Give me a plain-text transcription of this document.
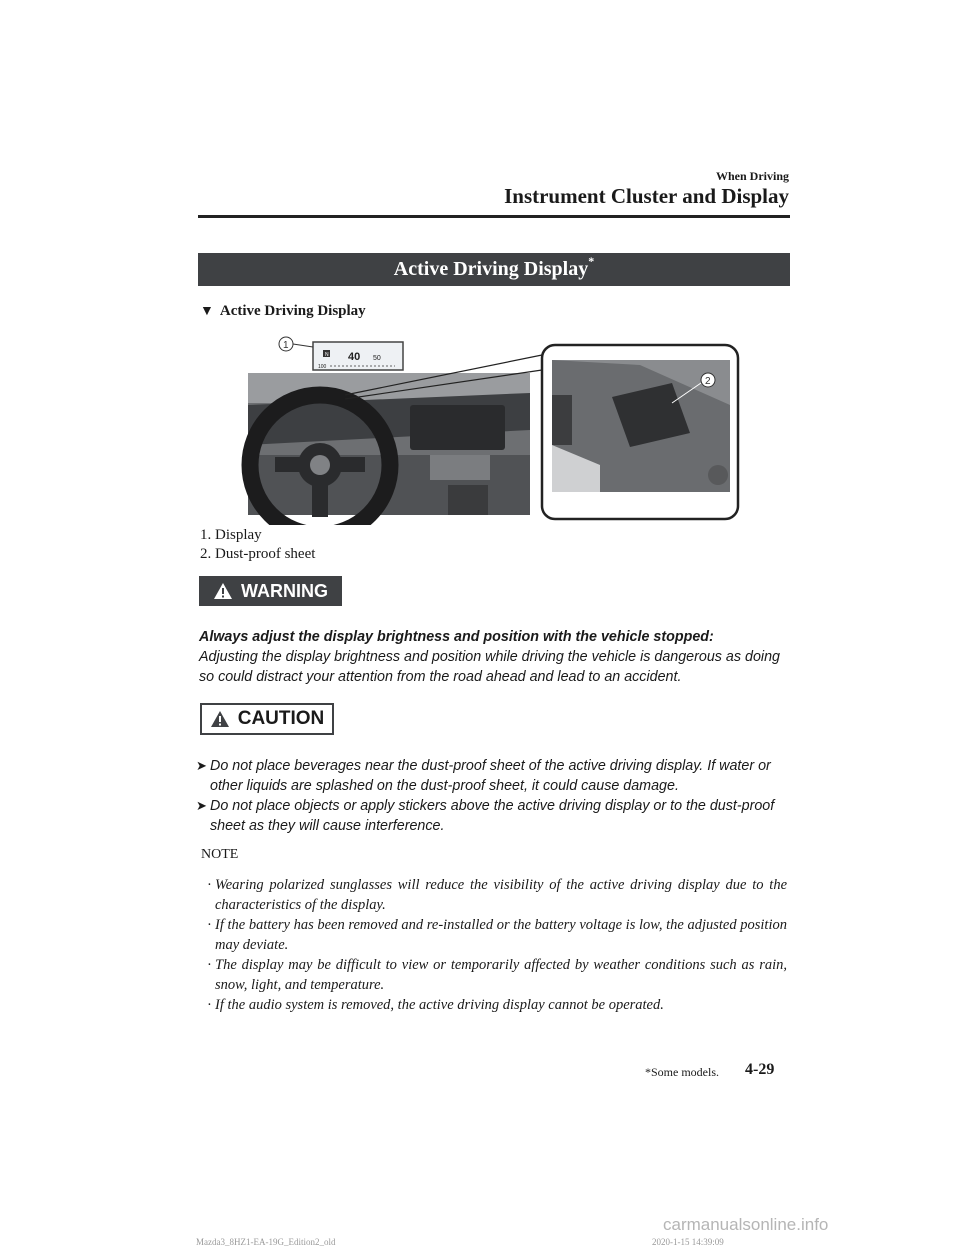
When Driving
Instrument Cluster and Display
Active Driving Display*
▼ Active Driving Display
N 40 50
100
1
2
1. Display
2. Dust-proof sheet
WARNING
Always adjust the display brightness and position with the vehicle stopped:
Adjusting the display brightness and position while driving the vehicle is dangerous as doing so could distract your attention from the road ahead and lead to an accident.
CAUTION
➤ Do not place beverages near the dust-proof sheet of the active driving display. If water or other liquids are splashed on the dust-proof sheet, it could cause damage.
➤ Do not place objects or apply stickers above the active driving display or to the dust-proof sheet as they will cause interference.
NOTE
· Wearing polarized sunglasses will reduce the visibility of the active driving display due to the characteristics of the display.
· If the battery has been removed and re-installed or the battery voltage is low, the adjusted position may deviate.
· The display may be difficult to view or temporarily affected by weather conditions such as rain, snow, light, and temperature.
· If the audio system is removed, the active driving display cannot be operated.
*Some models. 4-29
carmanualsonline.info
Mazda3_8HZ1-EA-19G_Edition2_old	2020-1-15 14:39:09
